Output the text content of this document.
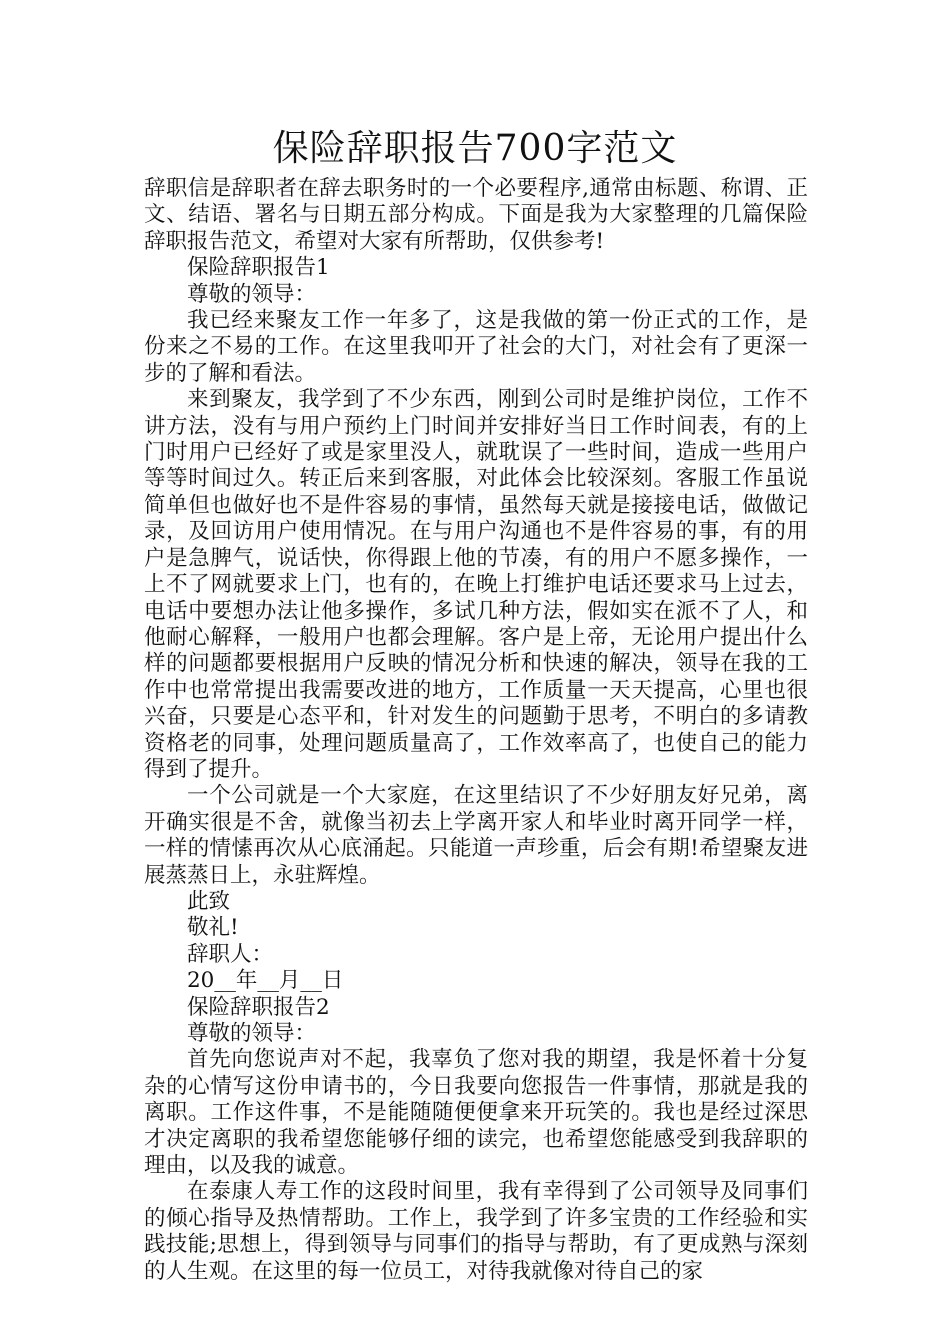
保险辞职报告700字范文

辞职信是辞职者在辞去职务时的一个必要程序,通常由标题、称谓、正文、结语、署名与日期五部分构成。下面是我为大家整理的几篇保险辞职报告范文，希望对大家有所帮助，仅供参考!

保险辞职报告1

尊敬的领导：

我已经来聚友工作一年多了，这是我做的第一份正式的工作，是份来之不易的工作。在这里我叩开了社会的大门，对社会有了更深一步的了解和看法。

来到聚友，我学到了不少东西，刚到公司时是维护岗位，工作不讲方法，没有与用户预约上门时间并安排好当日工作时间表，有的上门时用户已经好了或是家里没人，就耽误了一些时间，造成一些用户等等时间过久。转正后来到客服，对此体会比较深刻。客服工作虽说简单但也做好也不是件容易的事情，虽然每天就是接接电话，做做记录，及回访用户使用情况。在与用户沟通也不是件容易的事，有的用户是急脾气，说话快，你得跟上他的节凑，有的用户不愿多操作，一上不了网就要求上门，也有的，在晚上打维护电话还要求马上过去，电话中要想办法让他多操作，多试几种方法，假如实在派不了人，和他耐心解释，一般用户也都会理解。客户是上帝，无论用户提出什么样的问题都要根据用户反映的情况分析和快速的解决，领导在我的工作中也常常提出我需要改进的地方，工作质量一天天提高，心里也很兴奋，只要是心态平和，针对发生的问题勤于思考，不明白的多请教资格老的同事，处理问题质量高了，工作效率高了，也使自己的能力得到了提升。

一个公司就是一个大家庭，在这里结识了不少好朋友好兄弟，离开确实很是不舍，就像当初去上学离开家人和毕业时离开同学一样，一样的情愫再次从心底涌起。只能道一声珍重，后会有期!希望聚友进展蒸蒸日上，永驻辉煌。

此致

敬礼!

辞职人：

20__年__月__日

保险辞职报告2

尊敬的领导：

首先向您说声对不起，我辜负了您对我的期望，我是怀着十分复杂的心情写这份申请书的，今日我要向您报告一件事情，那就是我的离职。工作这件事，不是能随随便便拿来开玩笑的。我也是经过深思才决定离职的我希望您能够仔细的读完，也希望您能感受到我辞职的理由，以及我的诚意。

在泰康人寿工作的这段时间里，我有幸得到了公司领导及同事们的倾心指导及热情帮助。工作上，我学到了许多宝贵的工作经验和实践技能;思想上，得到领导与同事们的指导与帮助，有了更成熟与深刻的人生观。在这里的每一位员工，对待我就像对待自己的家
